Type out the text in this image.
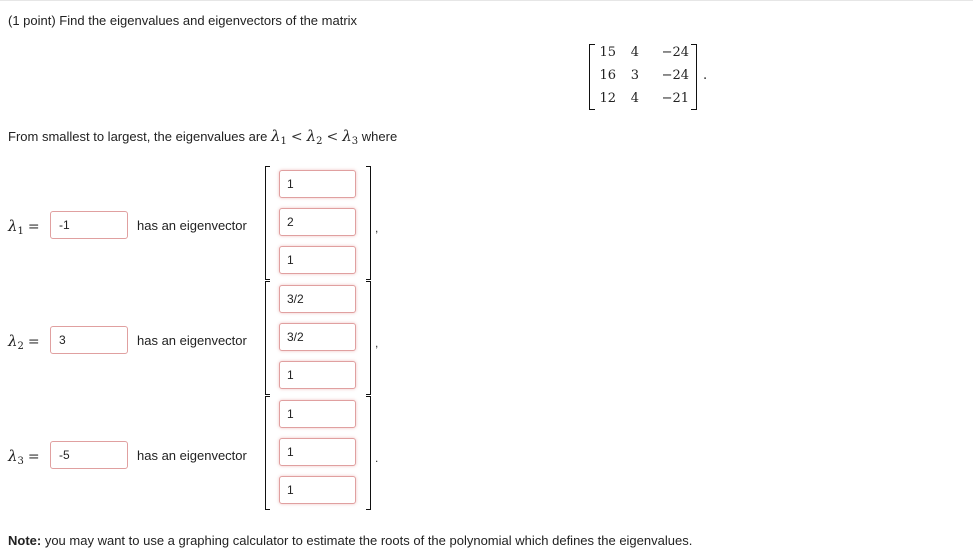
(1 point) Find the eigenvalues and eigenvectors of the matrix
15 4	−24
16 3	−24
12 4	−21
.
From smallest to largest, the eigenvalues are $\lambda_1 < \lambda_2 < \lambda_3$ where
$\lambda_1$ =
-1	has an eigenvector
1
2
1	,
$\lambda_2$ =
3	has an eigenvector
3/2
3/2
1	,
$\lambda_3$ =
-5	has an eigenvector
1
1
1	.
Note: you may want to use a graphing calculator to estimate the roots of the polynomial which defines the eigenvalues.
